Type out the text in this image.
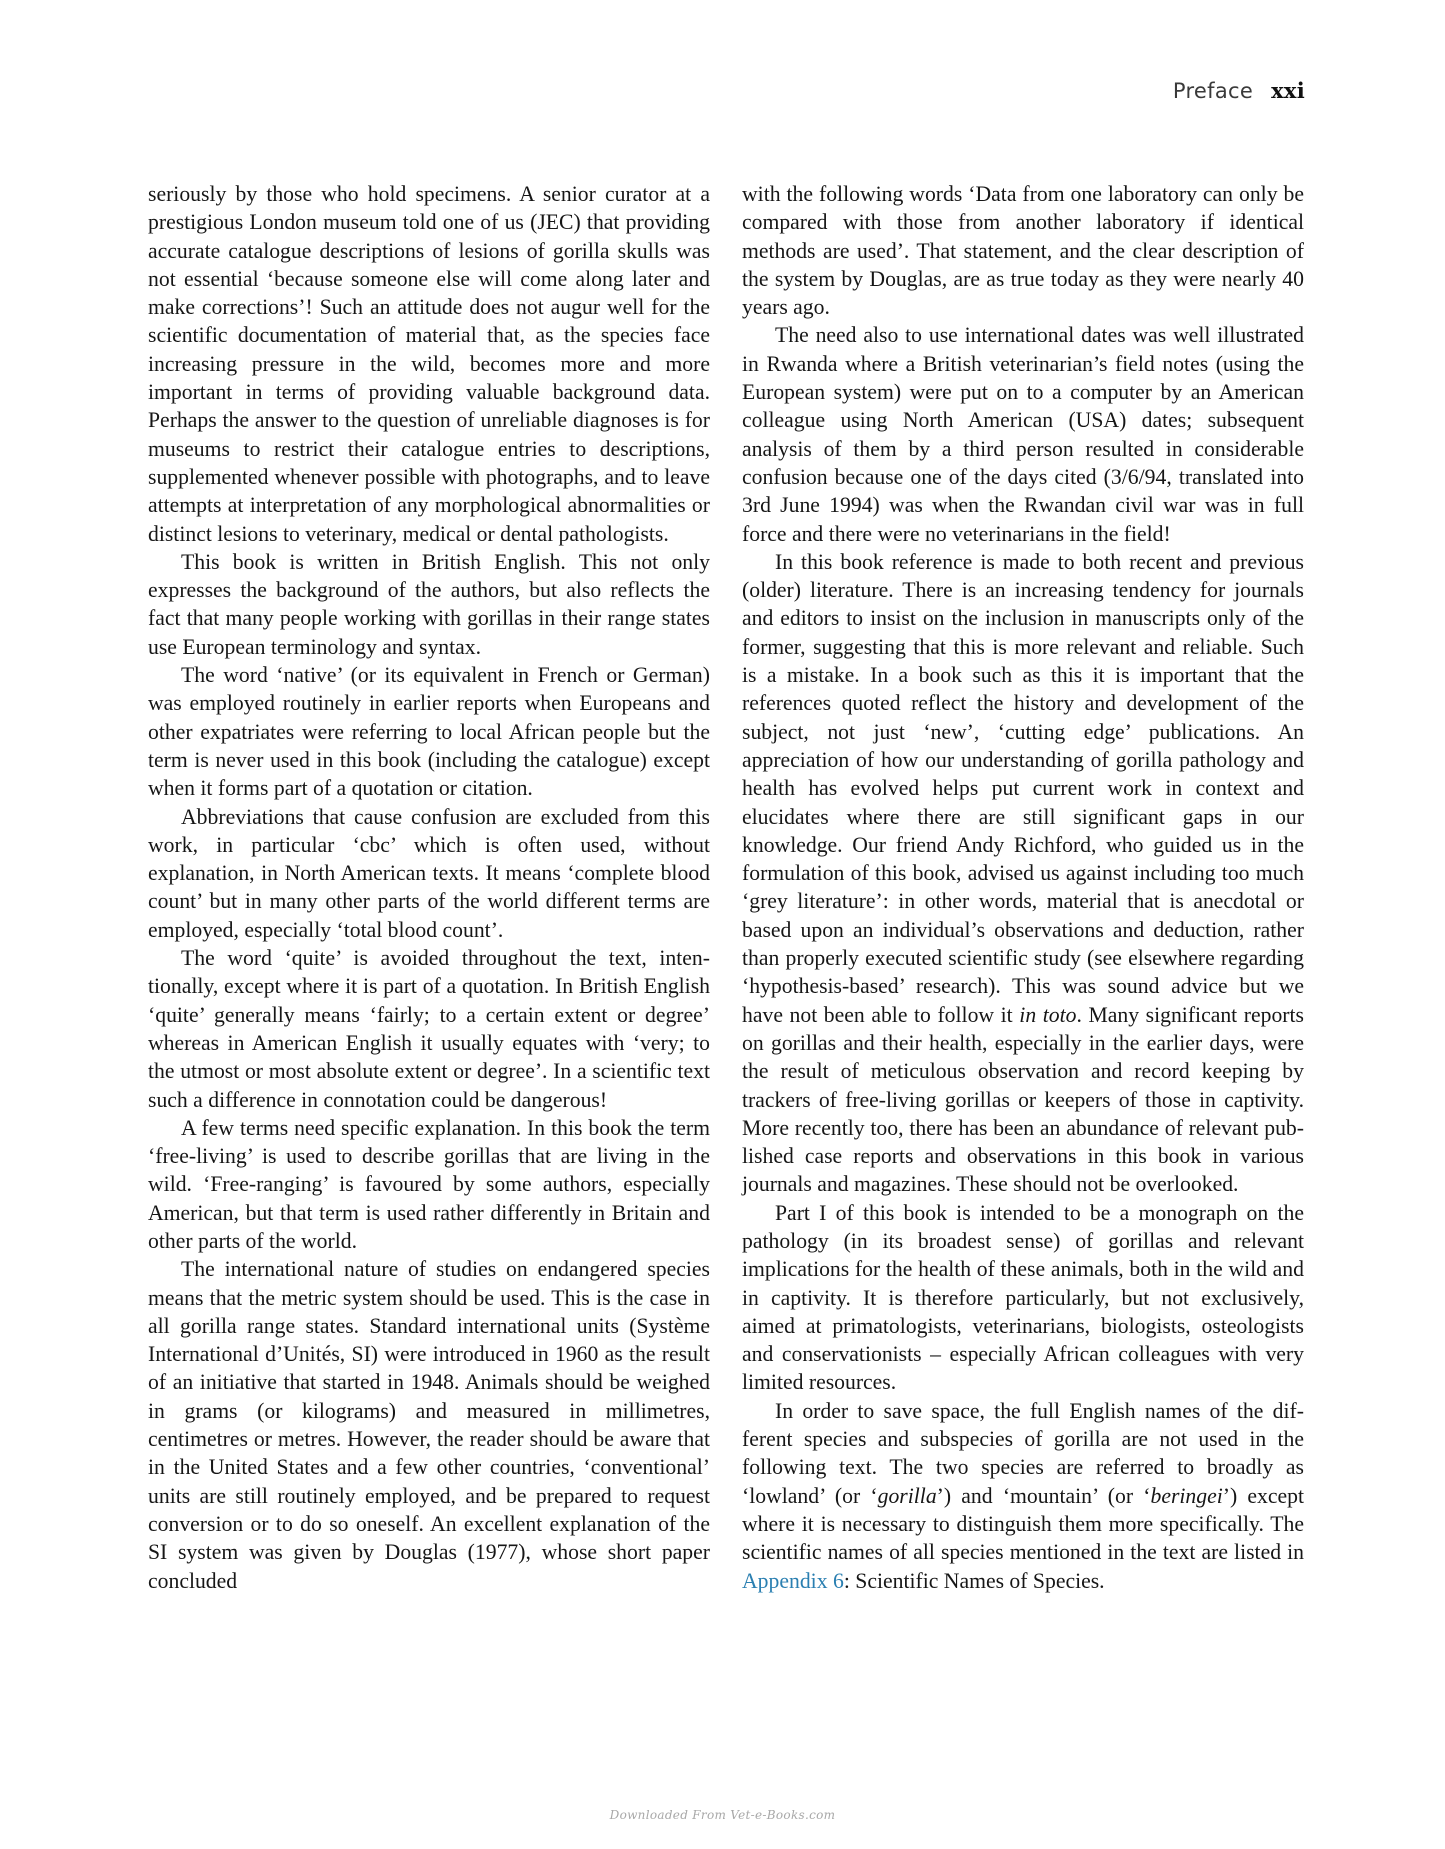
Preface xxi

seriously by those who hold specimens. A senior curator at a prestigious London museum told one of us (JEC) that providing accurate catalogue descriptions of lesions of gorilla skulls was not essential ‘because someone else will come along later and make corrections’! Such an attitude does not augur well for the scientific documentation of material that, as the species face increasing pressure in the wild, becomes more and more important in terms of providing valuable background data. Perhaps the answer to the question of unreliable diagnoses is for museums to restrict their catalogue entries to descriptions, supplemented whenever possible with photographs, and to leave attempts at interpretation of any morphological abnormalities or distinct lesions to veterinary, medical or dental pathologists.

This book is written in British English. This not only expresses the background of the authors, but also reflects the fact that many people working with gorillas in their range states use European terminology and syntax.

The word ‘native’ (or its equivalent in French or German) was employed routinely in earlier reports when Europeans and other expatriates were referring to local African people but the term is never used in this book (including the catalogue) except when it forms part of a quotation or citation.

Abbreviations that cause confusion are excluded from this work, in particular ‘cbc’ which is often used, without explanation, in North American texts. It means ‘complete blood count’ but in many other parts of the world different terms are employed, especially ‘total blood count’.

The word ‘quite’ is avoided throughout the text, intentionally, except where it is part of a quotation. In British English ‘quite’ generally means ‘fairly; to a certain extent or degree’ whereas in American English it usually equates with ‘very; to the utmost or most absolute extent or degree’. In a scientific text such a difference in connotation could be dangerous!

A few terms need specific explanation. In this book the term ‘free-living’ is used to describe gorillas that are living in the wild. ‘Free-ranging’ is favoured by some authors, especially American, but that term is used rather differently in Britain and other parts of the world.

The international nature of studies on endangered species means that the metric system should be used. This is the case in all gorilla range states. Standard international units (Système International d’Unités, SI) were introduced in 1960 as the result of an initiative that started in 1948. Animals should be weighed in grams (or kilograms) and measured in millimetres, centimetres or metres. However, the reader should be aware that in the United States and a few other countries, ‘conventional’ units are still routinely employed, and be prepared to request conversion or to do so oneself. An excellent explanation of the SI system was given by Douglas (1977), whose short paper concluded

with the following words ‘Data from one laboratory can only be compared with those from another laboratory if identical methods are used’. That statement, and the clear description of the system by Douglas, are as true today as they were nearly 40 years ago.

The need also to use international dates was well illustrated in Rwanda where a British veterinarian’s field notes (using the European system) were put on to a computer by an American colleague using North American (USA) dates; subsequent analysis of them by a third person resulted in considerable confusion because one of the days cited (3/6/94, translated into 3rd June 1994) was when the Rwandan civil war was in full force and there were no veterinarians in the field!

In this book reference is made to both recent and previous (older) literature. There is an increasing tendency for journals and editors to insist on the inclusion in manuscripts only of the former, suggesting that this is more relevant and reliable. Such is a mistake. In a book such as this it is important that the references quoted reflect the history and development of the subject, not just ‘new’, ‘cutting edge’ publications. An appreciation of how our understanding of gorilla pathology and health has evolved helps put current work in context and elucidates where there are still significant gaps in our knowledge. Our friend Andy Richford, who guided us in the formulation of this book, advised us against including too much ‘grey literature’: in other words, material that is anecdotal or based upon an individual’s observations and deduction, rather than properly executed scientific study (see elsewhere regarding ‘hypothesis-based’ research). This was sound advice but we have not been able to follow it in toto. Many significant reports on gorillas and their health, especially in the earlier days, were the result of meticulous observation and record keeping by trackers of free-living gorillas or keepers of those in captivity. More recently too, there has been an abundance of relevant published case reports and observations in this book in various journals and magazines. These should not be overlooked.

Part I of this book is intended to be a monograph on the pathology (in its broadest sense) of gorillas and relevant implications for the health of these animals, both in the wild and in captivity. It is therefore particularly, but not exclusively, aimed at primatologists, veterinarians, biologists, osteologists and conservationists – especially African colleagues with very limited resources.

In order to save space, the full English names of the different species and subspecies of gorilla are not used in the following text. The two species are referred to broadly as ‘lowland’ (or ‘gorilla’) and ‘mountain’ (or ‘beringei’) except where it is necessary to distinguish them more specifically. The scientific names of all species mentioned in the text are listed in Appendix 6: Scientific Names of Species.

Downloaded From Vet-e-Books.com
